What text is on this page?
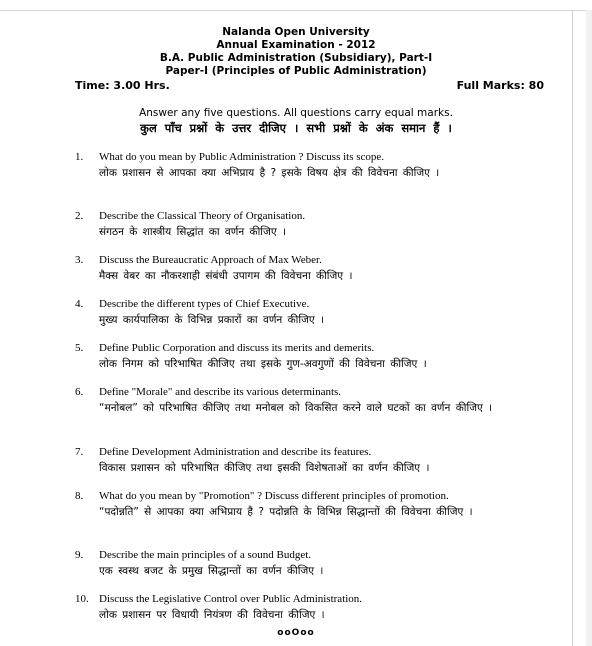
Nalanda Open University
Annual Examination - 2012
B.A. Public Administration (Subsidiary), Part-I
Paper-I (Principles of Public Administration)
Time: 3.00 Hrs.	Full Marks: 80
Answer any five questions. All questions carry equal marks.
कुल पाँच प्रश्नों के उत्तर दीजिए । सभी प्रश्नों के अंक समान हैं ।
1. What do you mean by Public Administration ? Discuss its scope.
लोक प्रशासन से आपका क्या अभिप्राय है ? इसके विषय क्षेत्र की विवेचना कीजिए ।
2. Describe the Classical Theory of Organisation.
संगठन के शास्त्रीय सिद्धांत का वर्णन कीजिए ।
3. Discuss the Bureaucratic Approach of Max Weber.
मैक्स वेबर का नौकरशाही संबंधी उपागम की विवेचना कीजिए ।
4. Describe the different types of Chief Executive.
मुख्य कार्यपालिका के विभिन्न प्रकारों का वर्णन कीजिए ।
5. Define Public Corporation and discuss its merits and demerits.
लोक निगम को परिभाषित कीजिए तथा इसके गुण-अवगुणों की विवेचना कीजिए ।
6. Define "Morale" and describe its various determinants.
“मनोबल” को परिभाषित कीजिए तथा मनोबल को विकसित करने वाले घटकों का वर्णन कीजिए ।
7. Define Development Administration and describe its features.
विकास प्रशासन को परिभाषित कीजिए तथा इसकी विशेषताओं का वर्णन कीजिए ।
8. What do you mean by "Promotion" ? Discuss different principles of promotion.
“पदोन्नति” से आपका क्या अभिप्राय है ? पदोन्नति के विभिन्न सिद्धान्तों की विवेचना कीजिए ।
9. Describe the main principles of a sound Budget.
एक स्वस्थ बजट के प्रमुख सिद्धान्तों का वर्णन कीजिए ।
10. Discuss the Legislative Control over Public Administration.
लोक प्रशासन पर विधायी नियंत्रण की विवेचना कीजिए ।
ooOoo
